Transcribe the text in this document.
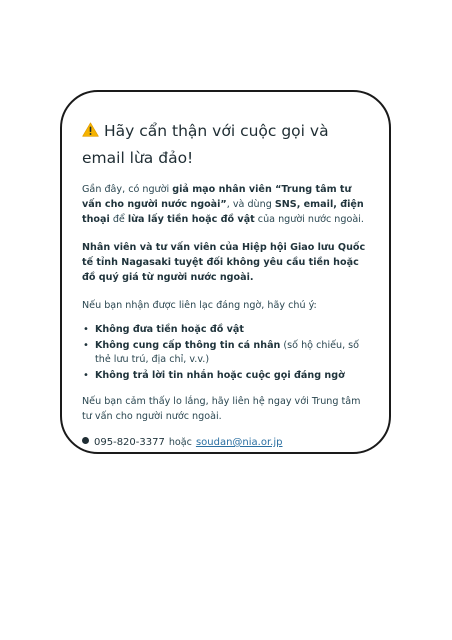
Hãy cẩn thận với cuộc gọi và email lừa đảo!
Gần đây, có người giả mạo nhân viên “Trung tâm tư vấn cho người nước ngoài”, và dùng SNS, email, điện thoại để lừa lấy tiền hoặc đồ vật của người nước ngoài.
Nhân viên và tư vấn viên của Hiệp hội Giao lưu Quốc tế tỉnh Nagasaki tuyệt đối không yêu cầu tiền hoặc đồ quý giá từ người nước ngoài.
Nếu bạn nhận được liên lạc đáng ngờ, hãy chú ý:
• Không đưa tiền hoặc đồ vật
• Không cung cấp thông tin cá nhân (số hộ chiếu, số thẻ lưu trú, địa chỉ, v.v.)
• Không trả lời tin nhắn hoặc cuộc gọi đáng ngờ
Nếu bạn cảm thấy lo lắng, hãy liên hệ ngay với Trung tâm tư vấn cho người nước ngoài.
095-820-3377 hoặc soudan@nia.or.jp
